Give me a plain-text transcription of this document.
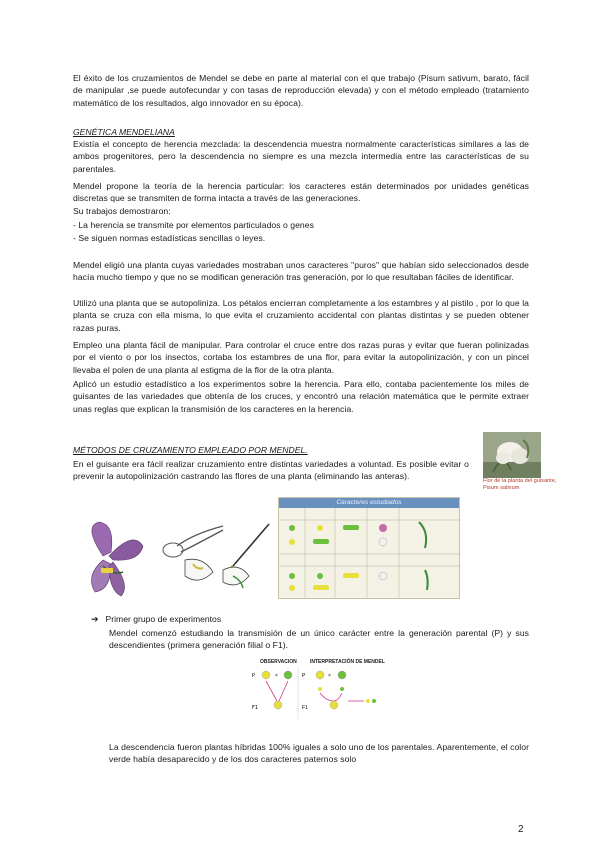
El éxito de los cruzamientos de Mendel se debe en parte al material con el que trabajo (Pisum sativum, barato, fácil de manipular ,se puede autofecundar y con tasas de reproducción elevada) y con el método empleado (tratamiento matemático de los resultados, algo innovador en su época).

GENÉTICA MENDELIANA

Existía el concepto de herencia mezclada: la descendencia muestra normalmente características similares a las de ambos progenitores, pero la descendencia no siempre es una mezcla intermedia entre las características de su parentales.

Mendel propone la teoría de la herencia particular: los caracteres están determinados por unidades genéticas discretas que se transmiten de forma intacta a través de las generaciones.

Su trabajos demostraron:

- La herencia se transmite por elementos particulados o genes

- Se siguen normas estadísticas sencillas o leyes.

Mendel eligió una planta cuyas variedades mostraban unos caracteres "puros" que habían sido seleccionados desde hacía mucho tiempo y que no se modifican generación tras generación, por lo que resultaban fáciles de identificar.

Utilizó una planta que se autopoliniza. Los pétalos encierran completamente a los estambres y al pistilo , por lo que la planta se cruza con ella misma, lo que evita el cruzamiento accidental con plantas distintas y se pueden obtener razas puras.

Empleo una planta fácil de manipular. Para controlar el cruce entre dos razas puras y evitar que fueran polinizadas por el viento o por los insectos, cortaba los estambres de una flor, para evitar la autopolinización, y con un pincel llevaba el polen de una planta al estigma de la flor de la otra planta.

Aplicó un estudio estadístico a los experimentos sobre la herencia. Para ello, contaba pacientemente los miles de guisantes de las variedades que obtenía de los cruces, y encontró una relación matemática que le permite extraer unas reglas que explican la transmisión de los caracteres en la herencia.

MÉTODOS DE CRUZAMIENTO EMPLEADO POR MENDEL.

En el guisante era fácil realizar cruzamiento entre distintas variedades a voluntad. Es posible evitar o prevenir la autopolinización castrando las flores de una planta (eliminando las anteras).	Flor de la planta del guisante, Pisum sativum

Caracteres estudiados
➔ Primer grupo de experimentos

Mendel comenzó estudiando la transmisión de un único carácter entre la generación parental (P) y sus descendientes (primera generación filial o F1).

OBSERVACION	INTERPRETACIÓN DE MENDEL
P
F1
×	P
F1
×

La descendencia fueron plantas híbridas 100% iguales a solo uno de los parentales. Aparentemente, el color verde había desaparecido y de los dos caracteres paternos solo

2
